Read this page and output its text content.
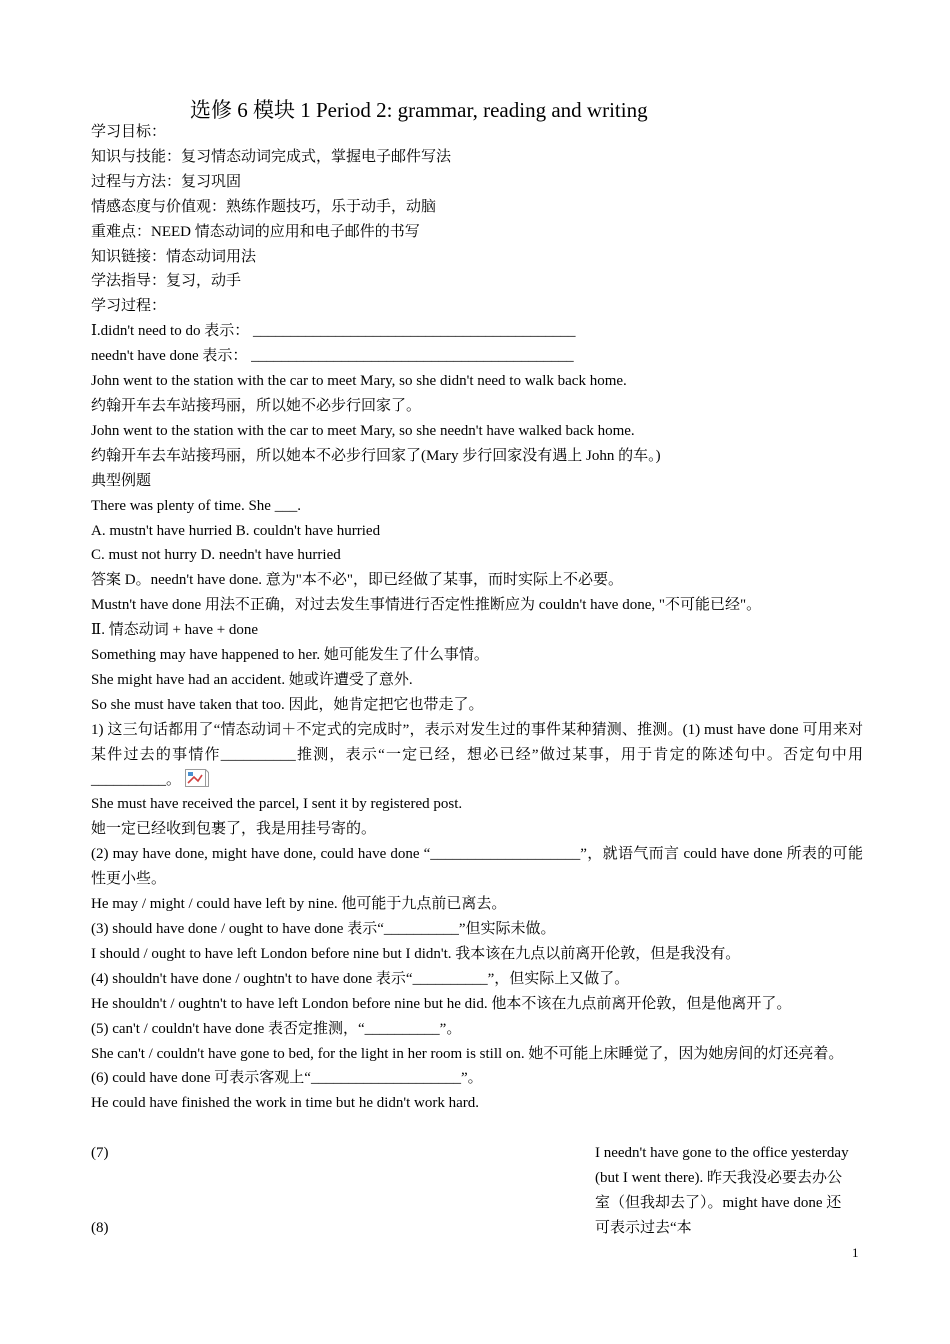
选修 6 模块 1 Period 2: grammar, reading and writing
学习目标：
知识与技能：复习情态动词完成式，掌握电子邮件写法
过程与方法：复习巩固
情感态度与价值观：熟练作题技巧，乐于动手，动脑
重难点：NEED 情态动词的应用和电子邮件的书写
知识链接：情态动词用法
学法指导：复习，动手
学习过程：
Ⅰ.didn't need to do 表示： ___________________________________________
needn't have done 表示： ___________________________________________
John went to the station with the car to meet Mary, so she didn't need to walk back home.
约翰开车去车站接玛丽，所以她不必步行回家了。
John went to the station with the car to meet Mary, so she needn't have walked back home.
约翰开车去车站接玛丽，所以她本不必步行回家了(Mary 步行回家没有遇上 John 的车。)
典型例题
There was plenty of time. She ___.
A. mustn't have hurried B. couldn't have hurried
C. must not hurry D. needn't have hurried
答案 D。needn't have done. 意为"本不必"，即已经做了某事，而时实际上不必要。
Mustn't have done 用法不正确，对过去发生事情进行否定性推断应为 couldn't have done, "不可能已经"。
Ⅱ. 情态动词 + have + done
Something may have happened to her. 她可能发生了什么事情。
She might have had an accident. 她或许遭受了意外.
So she must have taken that too. 因此，她肯定把它也带走了。
1) 这三句话都用了“情态动词＋不定式的完成时”，表示对发生过的事件某种猜测、推测。(1) must have done 可用来对某件过去的事情作__________推测，表示“一定已经，想必已经”做过某事，用于肯定的陈述句中。否定句中用__________。
She must have received the parcel, I sent it by registered post.
她一定已经收到包裹了，我是用挂号寄的。
(2) may have done, might have done, could have done “____________________”，就语气而言 could have done 所表的可能性更小些。
He may / might / could have left by nine. 他可能于九点前已离去。
(3) should have done / ought to have done 表示“__________”但实际未做。
I should / ought to have left London before nine but I didn't. 我本该在九点以前离开伦敦，但是我没有。
(4) shouldn't have done / oughtn't to have done 表示“__________”，但实际上又做了。
He shouldn't / oughtn't to have left London before nine but he did. 他本不该在九点前离开伦敦，但是他离开了。
(5) can't / couldn't have done 表否定推测，“__________”。
She can't / couldn't have gone to bed, for the light in her room is still on. 她不可能上床睡觉了，因为她房间的灯还亮着。
(6) could have done 可表示客观上“____________________”。
He could have finished the work in time but he didn't work hard.
(7)
(8)
I needn't have gone to the office yesterday (but I went there). 昨天我没必要去办公室（但我却去了）。might have done 还可表示过去“本
1
